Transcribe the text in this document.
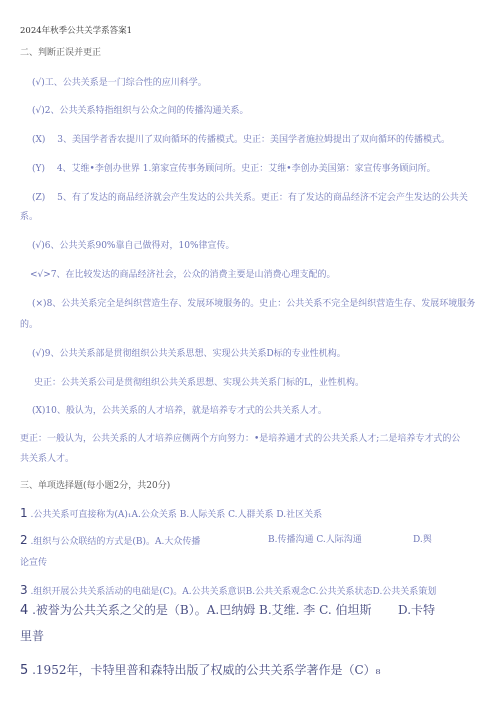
2024年秋季公共关学系答案1
二、判断正误并更正
(√)工、公共关系是一门综合性的应川科学。
(√)2、公共关系特指组织与公众之间的传播沟通关系。
(X)　 3、美国学者香农提川了双向循环的传播模式。史正：美国学者施拉姆提出了双向循环的传播模式。
(Y)　 4、艾维•李创办世界 1.第家宣传事务顾问所。史正：艾维•李创办美国第：家宣传事务顾问所。
(Z)　 5、有了发达的商品经济就会产生发达的公共关系。更正：有了发达的商品经济不定会产生发达的公共关
系。
(√)6、公共关系90%靠自己做得对，10%律宣传。
<√>7、在比较发达的商品经济社会，公众的消费主要是山消费心理支配的。
(×)8、公共关系完全是纠织营造生存、发展环境服务的。史止：公共关系不完全是纠织营造生存、发展环境服务
的。
(√)9、公共关系部是贯彻组织公共关系思想、实现公共关系D标的专业性机构。
史正：公共关系公司是贯彻组织公共关系思想、实现公共关系门标的L，业性机构。
(X)10、般认为，公共关系的人才培养，就是培养专才式的公共关系人才。
更正：一般认为，公共关系的人才培养应侧两个方向努力：•是培养通才式的公共关系人才;二是培养专才式的公
共关系人才。
三、单项选择题(每小题2分，共20分)
1 .公共关系可直接称为(A)₁A.公众关系 B.人际关系 C.人群关系 D.社区关系
2 .组织与公众联结的方式是(B)。A.大众传播	B.传播沟通 C.人际沟通	D.舆
论宣传
3 .组织开展公共关系活动的电础是(C)。A.公共关系意识B.公共关系观念C.公共关系状态D.公共关系策划
4 .被誉为公共关系之父的是（B）。A.巴纳姆 B.艾维. 李 C. 伯坦斯 D.卡特
里普
5 .1952年，卡特里普和森特出版了权威的公共关系学著作是（C）₈
